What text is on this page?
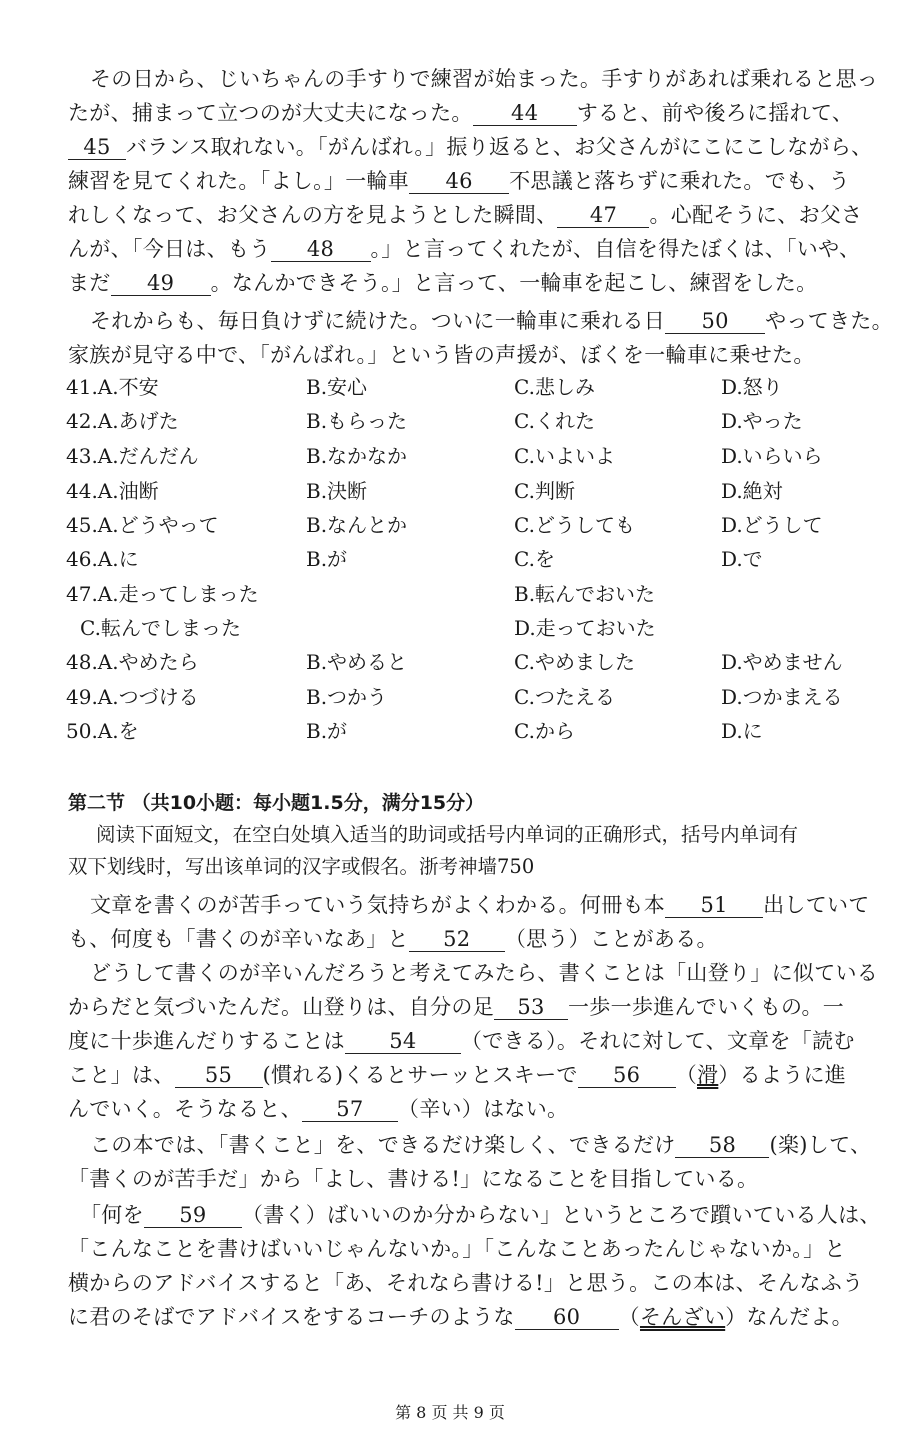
その日から、じいちゃんの手すりで練習が始まった。手すりがあれば乗れると思っ
たが、捕まって立つのが大丈夫になった。 44 すると、前や後ろに揺れて、
45 バランス取れない。「がんばれ。」振り返ると、お父さんがにこにこしながら、
練習を見てくれた。「よし。」一輪車 46 不思議と落ちずに乗れた。でも、う
れしくなって、お父さんの方を見ようとした瞬間、 47 。心配そうに、お父さ
んが、「今日は、もう 48 。」と言ってくれたが、自信を得たぼくは、「いや、
まだ 49 。なんかできそう。」と言って、一輪車を起こし、練習をした。
それからも、毎日負けずに続けた。ついに一輪車に乗れる日 50 やってきた。
家族が見守る中で、「がんばれ。」という皆の声援が、ぼくを一輪車に乗せた。
41.A.不安	B.安心	C.悲しみ	D.怒り
42.A.あげた	B.もらった	C.くれた	D.やった
43.A.だんだん	B.なかなか	C.いよいよ	D.いらいら
44.A.油断	B.決断	C.判断	D.絶対
45.A.どうやって	B.なんとか	C.どうしても	D.どうして
46.A.に	B.が	C.を	D.で
47.A.走ってしまった	B.転んでおいた
C.転んでしまった	D.走っておいた
48.A.やめたら	B.やめると	C.やめました	D.やめません
49.A.つづける	B.つかう	C.つたえる	D.つかまえる
50.A.を	B.が	C.から	D.に
第二节 （共10小题：每小题1.5分，满分15分）
阅读下面短文，在空白处填入适当的助词或括号内单词的正确形式，括号内单词有
双下划线时，写出该单词的汉字或假名。浙考神墙750
文章を書くのが苦手っていう気持ちがよくわかる。何冊も本 51 出していて
も、何度も「書くのが辛いなあ」と 52 （思う）ことがある。
どうして書くのが辛いんだろうと考えてみたら、書くことは「山登り」に似ている
からだと気づいたんだ。山登りは、自分の足 53 一歩一歩進んでいくもの。一
度に十歩進んだりすることは 54 （できる）。それに対して、文章を「読む
こと」は、 55 (慣れる)くるとサーッとスキーで 56 （滑）るように進
んでいく。そうなると、 57 （辛い）はない。
この本では、「書くこと」を、できるだけ楽しく、できるだけ 58 (楽)して、
「書くのが苦手だ」から「よし、書ける!」になることを目指している。
「何を 59 （書く）ばいいのか分からない」というところで躓いている人は、
「こんなことを書けばいいじゃんないか。」「こんなことあったんじゃないか。」と
横からのアドバイスすると「あ、それなら書ける!」と思う。この本は、そんなふう
に君のそばでアドバイスをするコーチのような 60 （そんざい）なんだよ。
第 8 页 共 9 页
